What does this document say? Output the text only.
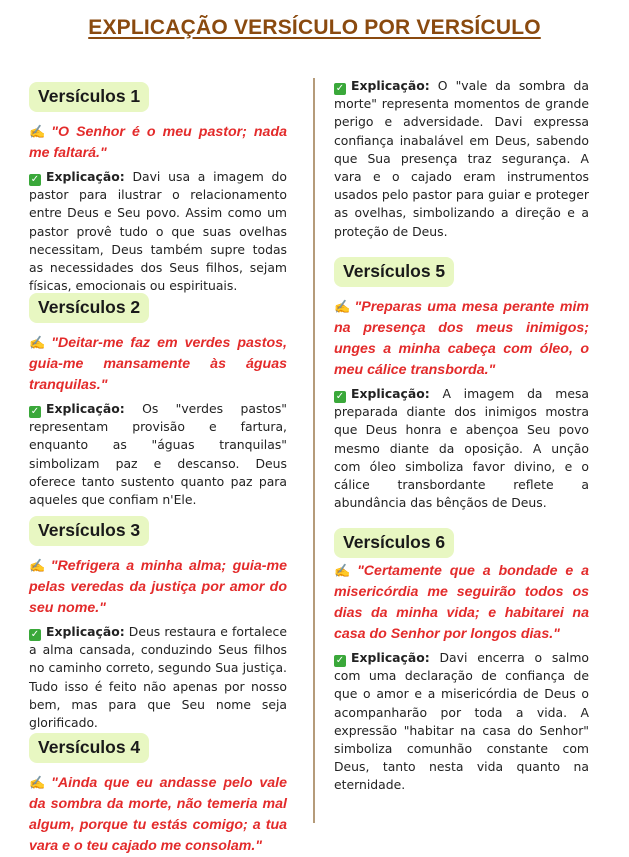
EXPLICAÇÃO VERSÍCULO POR VERSÍCULO
Versículos 1
✍ "O Senhor é o meu pastor; nada me faltará."
✓ Explicação: Davi usa a imagem do pastor para ilustrar o relacionamento entre Deus e Seu povo. Assim como um pastor provê tudo o que suas ovelhas necessitam, Deus também supre todas as necessidades dos Seus filhos, sejam físicas, emocionais ou espirituais.
Versículos 2
✍ "Deitar-me faz em verdes pastos, guia-me mansamente às águas tranquilas."
✓ Explicação: Os "verdes pastos" representam provisão e fartura, enquanto as "águas tranquilas" simbolizam paz e descanso. Deus oferece tanto sustento quanto paz para aqueles que confiam n'Ele.
Versículos 3
✍ "Refrigera a minha alma; guia-me pelas veredas da justiça por amor do seu nome."
✓ Explicação: Deus restaura e fortalece a alma cansada, conduzindo Seus filhos no caminho correto, segundo Sua justiça. Tudo isso é feito não apenas por nosso bem, mas para que Seu nome seja glorificado.
Versículos 4
✍ "Ainda que eu andasse pelo vale da sombra da morte, não temeria mal algum, porque tu estás comigo; a tua vara e o teu cajado me consolam."
✓ Explicação: O "vale da sombra da morte" representa momentos de grande perigo e adversidade. Davi expressa confiança inabalável em Deus, sabendo que Sua presença traz segurança. A vara e o cajado eram instrumentos usados pelo pastor para guiar e proteger as ovelhas, simbolizando a direção e a proteção de Deus.
Versículos 5
✍ "Preparas uma mesa perante mim na presença dos meus inimigos; unges a minha cabeça com óleo, o meu cálice transborda."
✓ Explicação: A imagem da mesa preparada diante dos inimigos mostra que Deus honra e abençoa Seu povo mesmo diante da oposição. A unção com óleo simboliza favor divino, e o cálice transbordante reflete a abundância das bênçãos de Deus.
Versículos 6
✍ "Certamente que a bondade e a misericórdia me seguirão todos os dias da minha vida; e habitarei na casa do Senhor por longos dias."
✓ Explicação: Davi encerra o salmo com uma declaração de confiança de que o amor e a misericórdia de Deus o acompanharão por toda a vida. A expressão "habitar na casa do Senhor" simboliza comunhão constante com Deus, tanto nesta vida quanto na eternidade.
